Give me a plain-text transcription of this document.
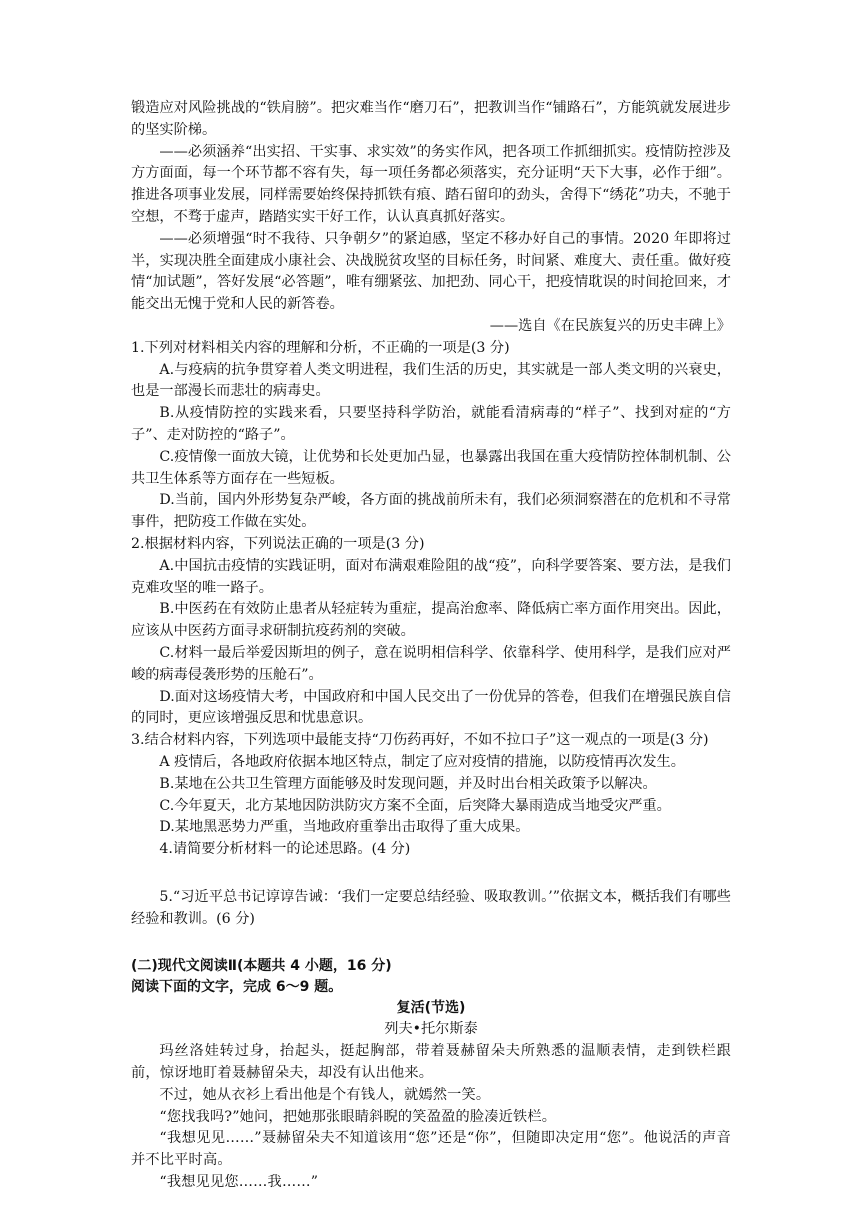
锻造应对风险挑战的“铁肩膀”。把灾难当作“磨刀石”，把教训当作“铺路石”，方能筑就发展进步的坚实阶梯。

——必须涵养“出实招、干实事、求实效”的务实作风，把各项工作抓细抓实。疫情防控涉及方方面面，每一个环节都不容有失，每一项任务都必须落实，充分证明“天下大事，必作于细”。推进各项事业发展，同样需要始终保持抓铁有痕、踏石留印的劲头，舍得下“绣花”功夫，不驰于空想，不骛于虚声，踏踏实实干好工作，认认真真抓好落实。

——必须增强“时不我待、只争朝夕”的紧迫感，坚定不移办好自己的事情。2020 年即将过半，实现决胜全面建成小康社会、决战脱贫攻坚的目标任务，时间紧、难度大、责任重。做好疫情“加试题”，答好发展“必答题”，唯有绷紧弦、加把劲、同心干，把疫情耽误的时间抢回来，才能交出无愧于党和人民的新答卷。

——选自《在民族复兴的历史丰碑上》

1.下列对材料相关内容的理解和分析，不正确的一项是(3 分)

A.与疫病的抗争贯穿着人类文明进程，我们生活的历史，其实就是一部人类文明的兴衰史，也是一部漫长而悲壮的病毒史。

B.从疫情防控的实践来看，只要坚持科学防治，就能看清病毒的“样子”、找到对症的“方子”、走对防控的“路子”。

C.疫情像一面放大镜，让优势和长处更加凸显，也暴露出我国在重大疫情防控体制机制、公共卫生体系等方面存在一些短板。

D.当前，国内外形势复杂严峻，各方面的挑战前所未有，我们必须洞察潜在的危机和不寻常事件，把防疫工作做在实处。

2.根据材料内容，下列说法正确的一项是(3 分)

A.中国抗击疫情的实践证明，面对布满艰难险阻的战“疫”，向科学要答案、要方法，是我们克难攻坚的唯一路子。

B.中医药在有效防止患者从轻症转为重症，提高治愈率、降低病亡率方面作用突出。因此，应该从中医药方面寻求研制抗疫药剂的突破。

C.材料一最后举爱因斯坦的例子，意在说明相信科学、依靠科学、使用科学，是我们应对严峻的病毒侵袭形势的压舱石”。

D.面对这场疫情大考，中国政府和中国人民交出了一份优异的答卷，但我们在增强民族自信的同时，更应该增强反思和忧患意识。

3.结合材料内容，下列选项中最能支持“刀伤药再好，不如不拉口子”这一观点的一项是(3 分)

A 疫情后，各地政府依据本地区特点，制定了应对疫情的措施，以防疫情再次发生。

B.某地在公共卫生管理方面能够及时发现问题，并及时出台相关政策予以解决。

C.今年夏天，北方某地因防洪防灾方案不全面，后突降大暴雨造成当地受灾严重。

D.某地黑恶势力严重，当地政府重拳出击取得了重大成果。

4.请简要分析材料一的论述思路。(4 分)

5.“习近平总书记谆谆告诫：‘我们一定要总结经验、吸取教训。’”依据文本，概括我们有哪些经验和教训。(6 分)

(二)现代文阅读Ⅱ(本题共 4 小题，16 分)

阅读下面的文字，完成 6～9 题。

复活(节选)

列夫•托尔斯泰

玛丝洛娃转过身，抬起头，挺起胸部，带着聂赫留朵夫所熟悉的温顺表情，走到铁栏跟前，惊讶地盯着聂赫留朵夫，却没有认出他来。

不过，她从衣衫上看出他是个有钱人，就嫣然一笑。

“您找我吗?”她问，把她那张眼睛斜睨的笑盈盈的脸凑近铁栏。

“我想见见……”聂赫留朵夫不知道该用“您”还是“你”，但随即决定用“您”。他说活的声音并不比平时高。

“我想见见您……我……”
